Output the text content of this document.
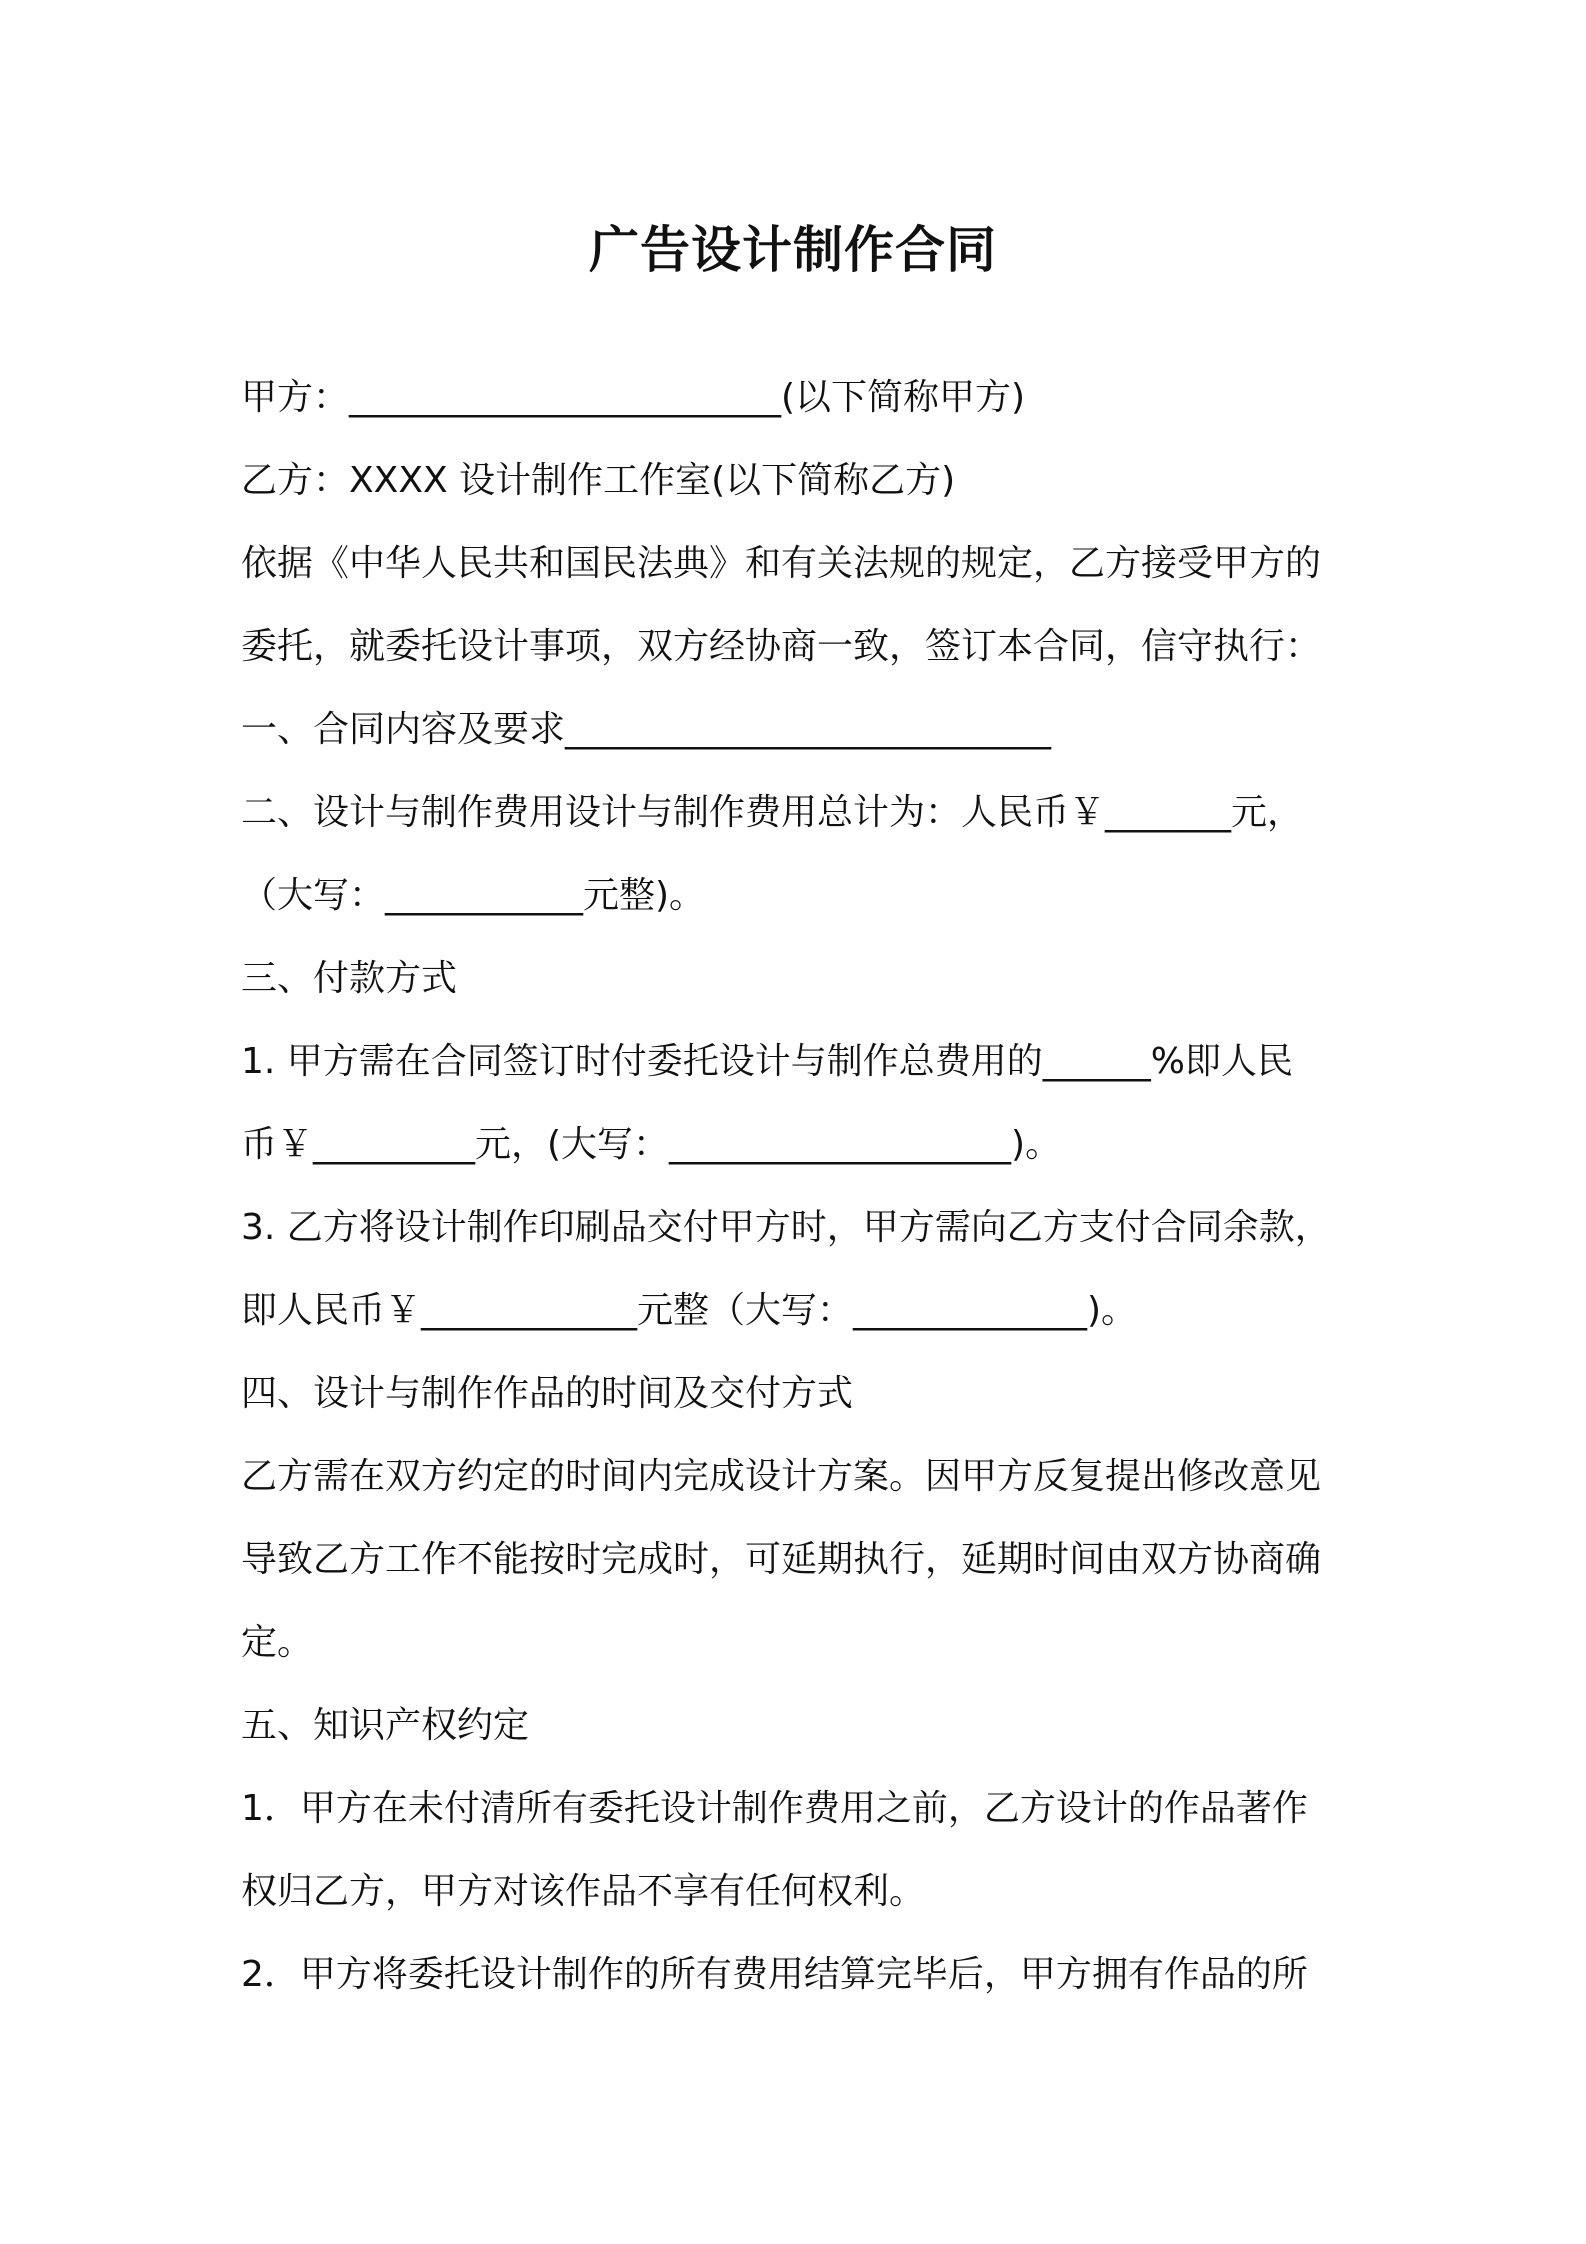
广告设计制作合同

甲方：________________________(以下简称甲方)

乙方：XXXX 设计制作工作室(以下简称乙方)

依据《中华人民共和国民法典》和有关法规的规定，乙方接受甲方的

委托，就委托设计事项，双方经协商一致，签订本合同，信守执行：

一、合同内容及要求___________________________

二、设计与制作费用设计与制作费用总计为：人民币￥_______元，

（大写：___________元整)。

三、付款方式

1. 甲方需在合同签订时付委托设计与制作总费用的______%即人民

币￥_________元，(大写：___________________)。

3. 乙方将设计制作印刷品交付甲方时，甲方需向乙方支付合同余款，

即人民币￥____________元整（大写：_____________)。

四、设计与制作作品的时间及交付方式

乙方需在双方约定的时间内完成设计方案。因甲方反复提出修改意见

导致乙方工作不能按时完成时，可延期执行，延期时间由双方协商确

定。

五、知识产权约定

1．甲方在未付清所有委托设计制作费用之前，乙方设计的作品著作

权归乙方，甲方对该作品不享有任何权利。

2．甲方将委托设计制作的所有费用结算完毕后，甲方拥有作品的所
